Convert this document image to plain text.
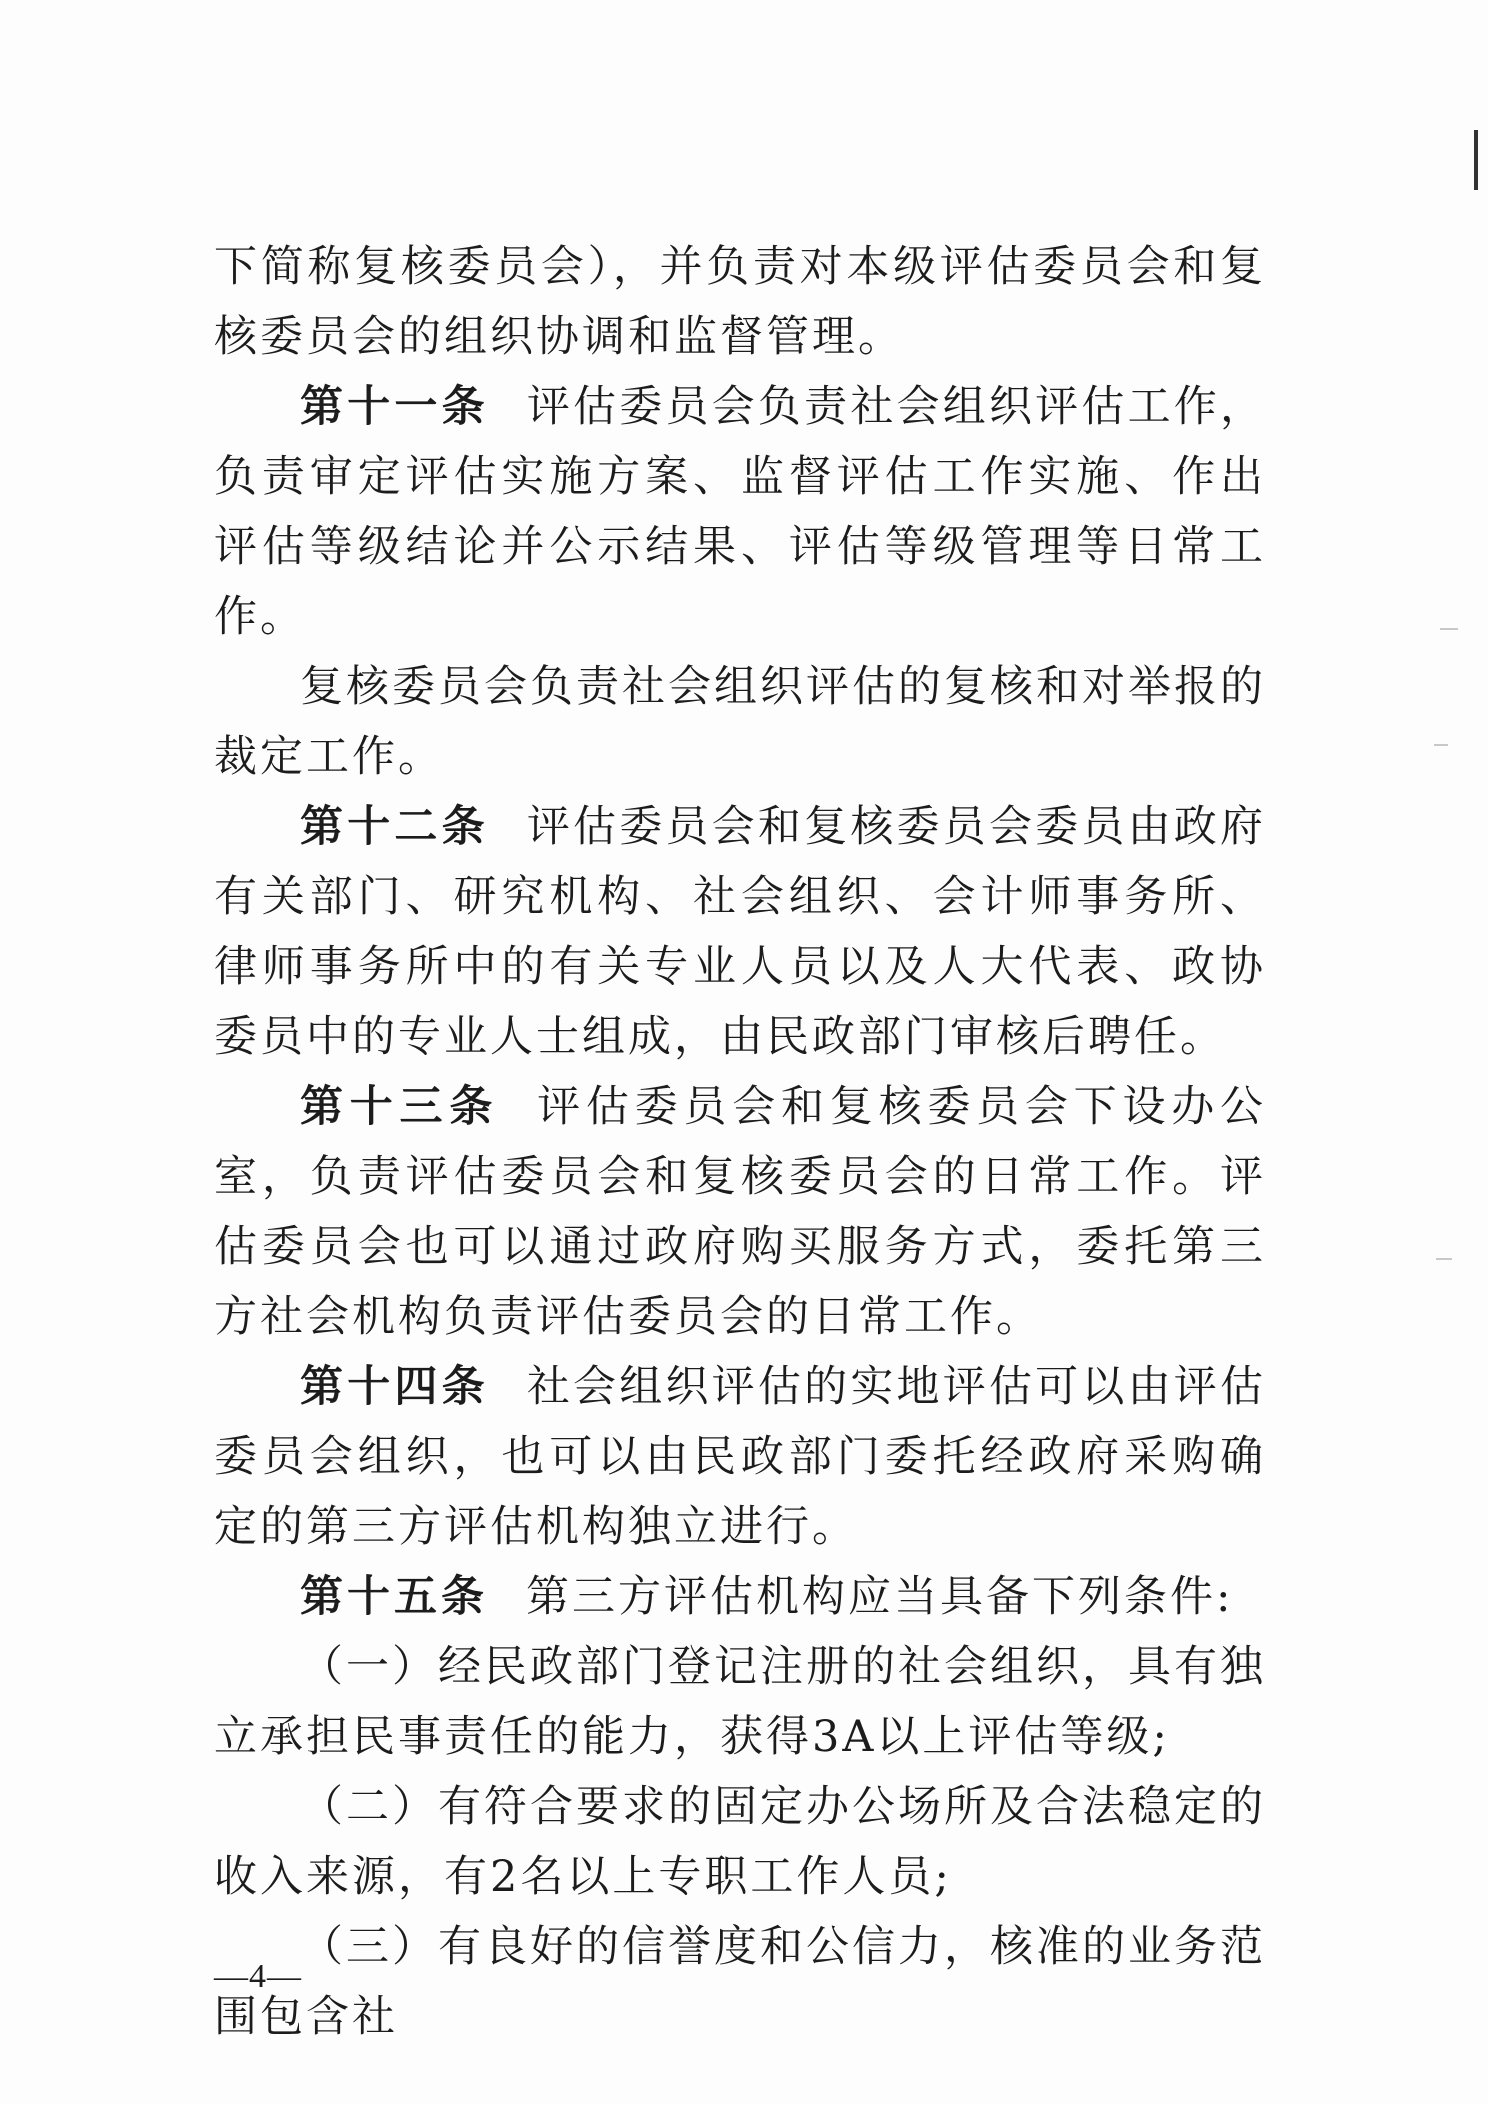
下简称复核委员会），并负责对本级评估委员会和复核委员会的组织协调和监督管理。

第十一条 评估委员会负责社会组织评估工作，负责审定评估实施方案、监督评估工作实施、作出评估等级结论并公示结果、评估等级管理等日常工作。

复核委员会负责社会组织评估的复核和对举报的裁定工作。

第十二条 评估委员会和复核委员会委员由政府有关部门、研究机构、社会组织、会计师事务所、律师事务所中的有关专业人员以及人大代表、政协委员中的专业人士组成，由民政部门审核后聘任。

第十三条 评估委员会和复核委员会下设办公室，负责评估委员会和复核委员会的日常工作。评估委员会也可以通过政府购买服务方式，委托第三方社会机构负责评估委员会的日常工作。

第十四条 社会组织评估的实地评估可以由评估委员会组织，也可以由民政部门委托经政府采购确定的第三方评估机构独立进行。

第十五条 第三方评估机构应当具备下列条件:

（一）经民政部门登记注册的社会组织，具有独立承担民事责任的能力，获得3A以上评估等级;

（二）有符合要求的固定办公场所及合法稳定的收入来源，有2名以上专职工作人员;

（三）有良好的信誉度和公信力，核准的业务范围包含社

—4—
